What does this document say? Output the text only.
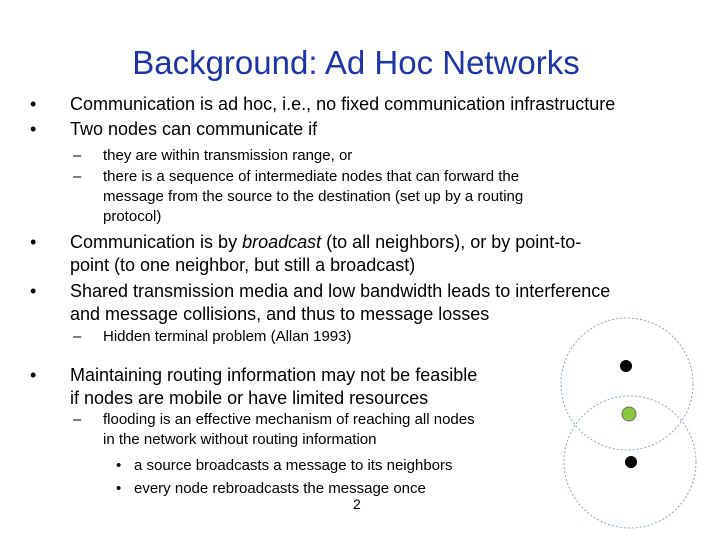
Background: Ad Hoc Networks
• Communication is ad hoc, i.e., no fixed communication infrastructure
• Two nodes can communicate if
– they are within transmission range, or
– there is a sequence of intermediate nodes that can forward the
message from the source to the destination (set up by a routing
protocol)
• Communication is by broadcast (to all neighbors), or by point-to-
point (to one neighbor, but still a broadcast)
• Shared transmission media and low bandwidth leads to interference
and message collisions, and thus to message losses
– Hidden terminal problem (Allan 1993)
• Maintaining routing information may not be feasible
if nodes are mobile or have limited resources
– flooding is an effective mechanism of reaching all nodes
in the network without routing information
• a source broadcasts a message to its neighbors
• every node rebroadcasts the message once
2
